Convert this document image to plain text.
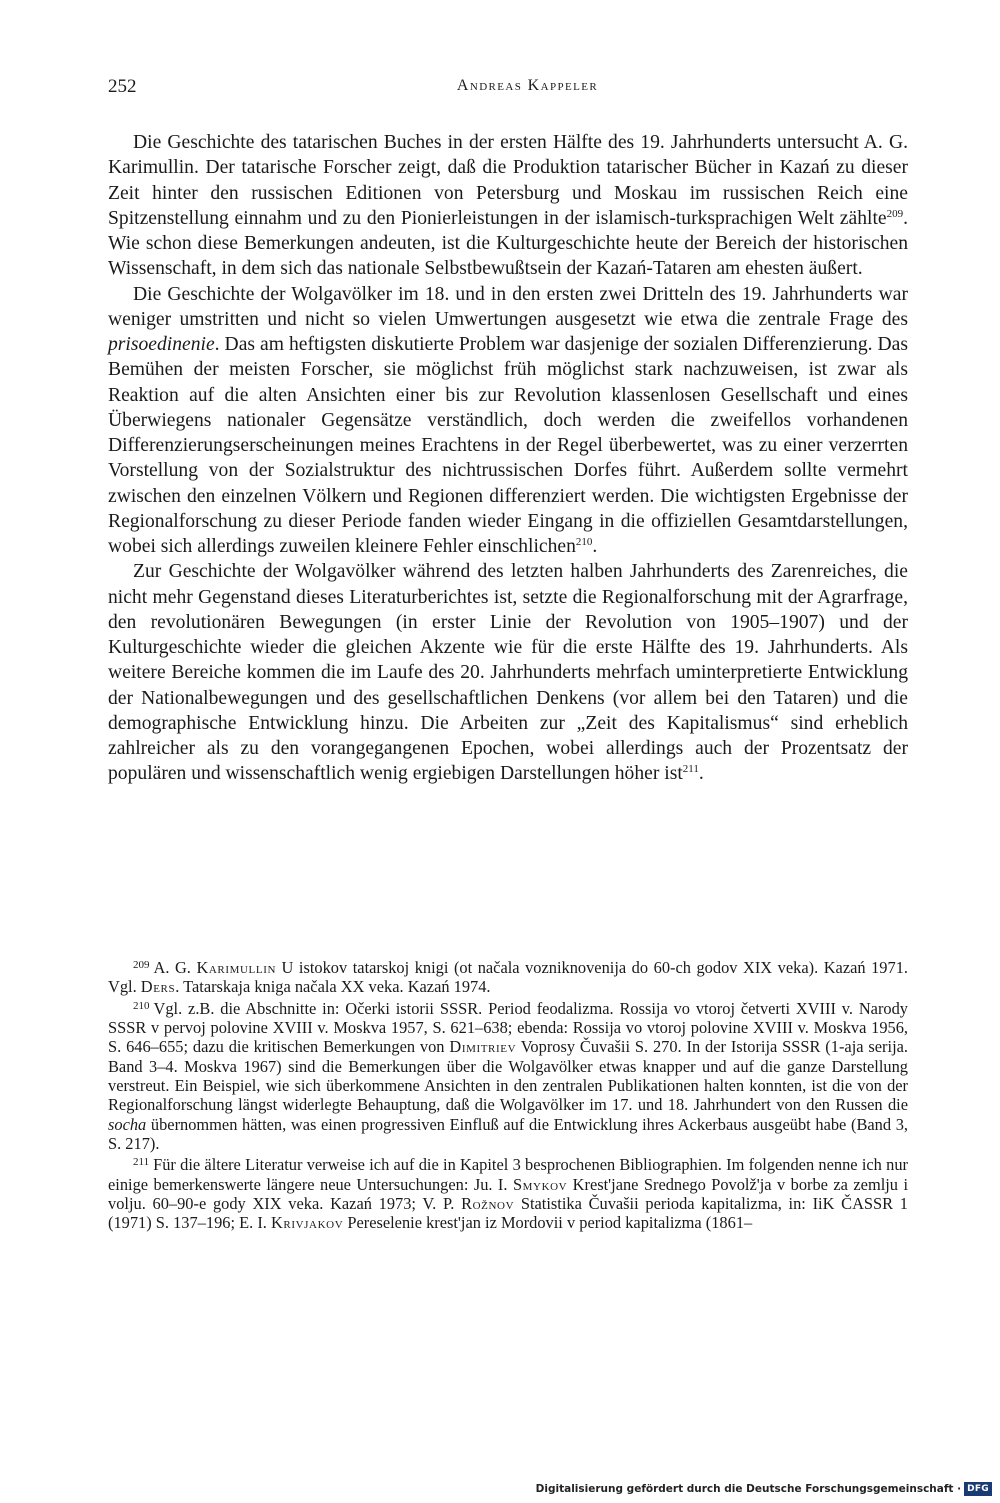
252	Andreas Kappeler

Die Geschichte des tatarischen Buches in der ersten Hälfte des 19. Jahrhunderts untersucht A. G. Karimullin. Der tatarische Forscher zeigt, daß die Produktion tatarischer Bücher in Kazań zu dieser Zeit hinter den russischen Editionen von Petersburg und Moskau im russischen Reich eine Spitzenstellung einnahm und zu den Pionierleistungen in der islamisch-turksprachigen Welt zählte$^{209}$. Wie schon diese Bemerkungen andeuten, ist die Kulturgeschichte heute der Bereich der historischen Wissenschaft, in dem sich das nationale Selbstbewußtsein der Kazań-Tataren am ehesten äußert.

Die Geschichte der Wolgavölker im 18. und in den ersten zwei Dritteln des 19. Jahrhunderts war weniger umstritten und nicht so vielen Umwertungen ausgesetzt wie etwa die zentrale Frage des prisoedinenie. Das am heftigsten diskutierte Problem war dasjenige der sozialen Differenzierung. Das Bemühen der meisten Forscher, sie möglichst früh möglichst stark nachzuweisen, ist zwar als Reaktion auf die alten Ansichten einer bis zur Revolution klassenlosen Gesellschaft und eines Überwiegens nationaler Gegensätze verständlich, doch werden die zweifellos vorhandenen Differenzierungserscheinungen meines Erachtens in der Regel überbewertet, was zu einer verzerrten Vorstellung von der Sozialstruktur des nichtrussischen Dorfes führt. Außerdem sollte vermehrt zwischen den einzelnen Völkern und Regionen differenziert werden. Die wichtigsten Ergebnisse der Regionalforschung zu dieser Periode fanden wieder Eingang in die offiziellen Gesamtdarstellungen, wobei sich allerdings zuweilen kleinere Fehler einschlichen$^{210}$.

Zur Geschichte der Wolgavölker während des letzten halben Jahrhunderts des Zarenreiches, die nicht mehr Gegenstand dieses Literaturberichtes ist, setzte die Regionalforschung mit der Agrarfrage, den revolutionären Bewegungen (in erster Linie der Revolution von 1905–1907) und der Kulturgeschichte wieder die gleichen Akzente wie für die erste Hälfte des 19. Jahrhunderts. Als weitere Bereiche kommen die im Laufe des 20. Jahrhunderts mehrfach uminterpretierte Entwicklung der Nationalbewegungen und des gesellschaftlichen Denkens (vor allem bei den Tataren) und die demographische Entwicklung hinzu. Die Arbeiten zur „Zeit des Kapitalismus“ sind erheblich zahlreicher als zu den vorangegangenen Epochen, wobei allerdings auch der Prozentsatz der populären und wissenschaftlich wenig ergiebigen Darstellungen höher ist$^{211}$.

$^{209}$ A. G. Karimullin U istokov tatarskoj knigi (ot načala vozniknovenija do 60-ch godov XIX veka). Kazań 1971. Vgl. Ders. Tatarskaja kniga načala XX veka. Kazań 1974.

$^{210}$ Vgl. z.B. die Abschnitte in: Očerki istorii SSSR. Period feodalizma. Rossija vo vtoroj četverti XVIII v. Narody SSSR v pervoj polovine XVIII v. Moskva 1957, S. 621–638; ebenda: Rossija vo vtoroj polovine XVIII v. Moskva 1956, S. 646–655; dazu die kritischen Bemerkungen von Dimitriev Voprosy Čuvašii S. 270. In der Istorija SSSR (1-aja serija. Band 3–4. Moskva 1967) sind die Bemerkungen über die Wolgavölker etwas knapper und auf die ganze Darstellung verstreut. Ein Beispiel, wie sich überkommene Ansichten in den zentralen Publikationen halten konnten, ist die von der Regionalforschung längst widerlegte Behauptung, daß die Wolgavölker im 17. und 18. Jahrhundert von den Russen die socha übernommen hätten, was einen progressiven Einfluß auf die Entwicklung ihres Ackerbaus ausgeübt habe (Band 3, S. 217).

$^{211}$ Für die ältere Literatur verweise ich auf die in Kapitel 3 besprochenen Bibliographien. Im folgenden nenne ich nur einige bemerkenswerte längere neue Untersuchungen: Ju. I. Smykov Krest'jane Srednego Povolž'ja v borbe za zemlju i volju. 60–90-e gody XIX veka. Kazań 1973; V. P. Rožnov Statistika Čuvašii perioda kapitalizma, in: IiK ČASSR 1 (1971) S. 137–196; E. I. Krivjakov Pereselenie krest'jan iz Mordovii v period kapitalizma (1861–

Digitalisierung gefördert durch die Deutsche Forschungsgemeinschaft · DFG
